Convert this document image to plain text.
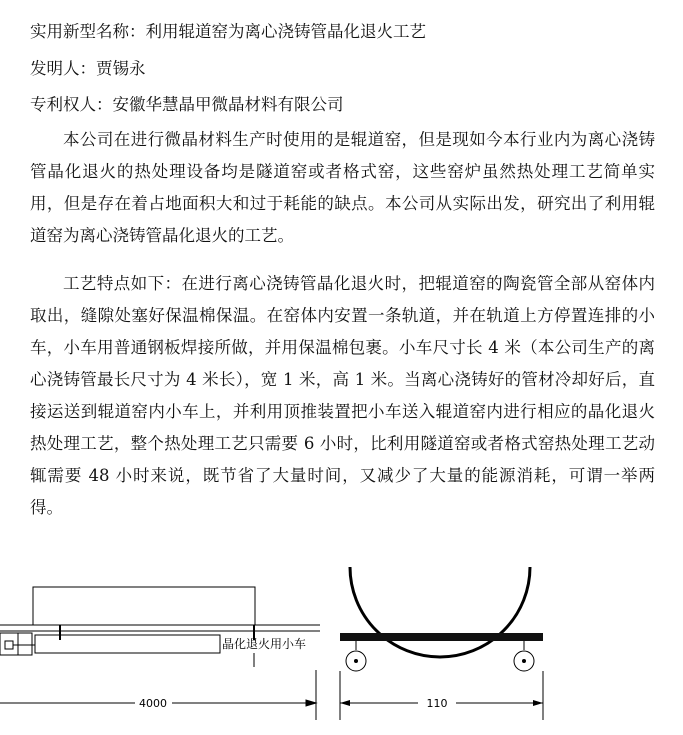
实用新型名称：利用辊道窑为离心浇铸管晶化退火工艺
发明人：贾锡永
专利权人：安徽华慧晶甲微晶材料有限公司

本公司在进行微晶材料生产时使用的是辊道窑，但是现如今本行业内为离心浇铸管晶化退火的热处理设备均是隧道窑或者格式窑，这些窑炉虽然热处理工艺简单实用，但是存在着占地面积大和过于耗能的缺点。本公司从实际出发，研究出了利用辊道窑为离心浇铸管晶化退火的工艺。

工艺特点如下：在进行离心浇铸管晶化退火时，把辊道窑的陶瓷管全部从窑体内取出，缝隙处塞好保温棉保温。在窑体内安置一条轨道，并在轨道上方停置连排的小车，小车用普通钢板焊接所做，并用保温棉包裹。小车尺寸长 4 米（本公司生产的离心浇铸管最长尺寸为 4 米长），宽 1 米，高 1 米。当离心浇铸好的管材冷却好后，直接运送到辊道窑内小车上，并利用顶推装置把小车送入辊道窑内进行相应的晶化退火热处理工艺，整个热处理工艺只需要 6 小时，比利用隧道窑或者格式窑热处理工艺动辄需要 48 小时来说，既节省了大量时间，又减少了大量的能源消耗，可谓一举两得。

晶化退火用小车
4000	110
